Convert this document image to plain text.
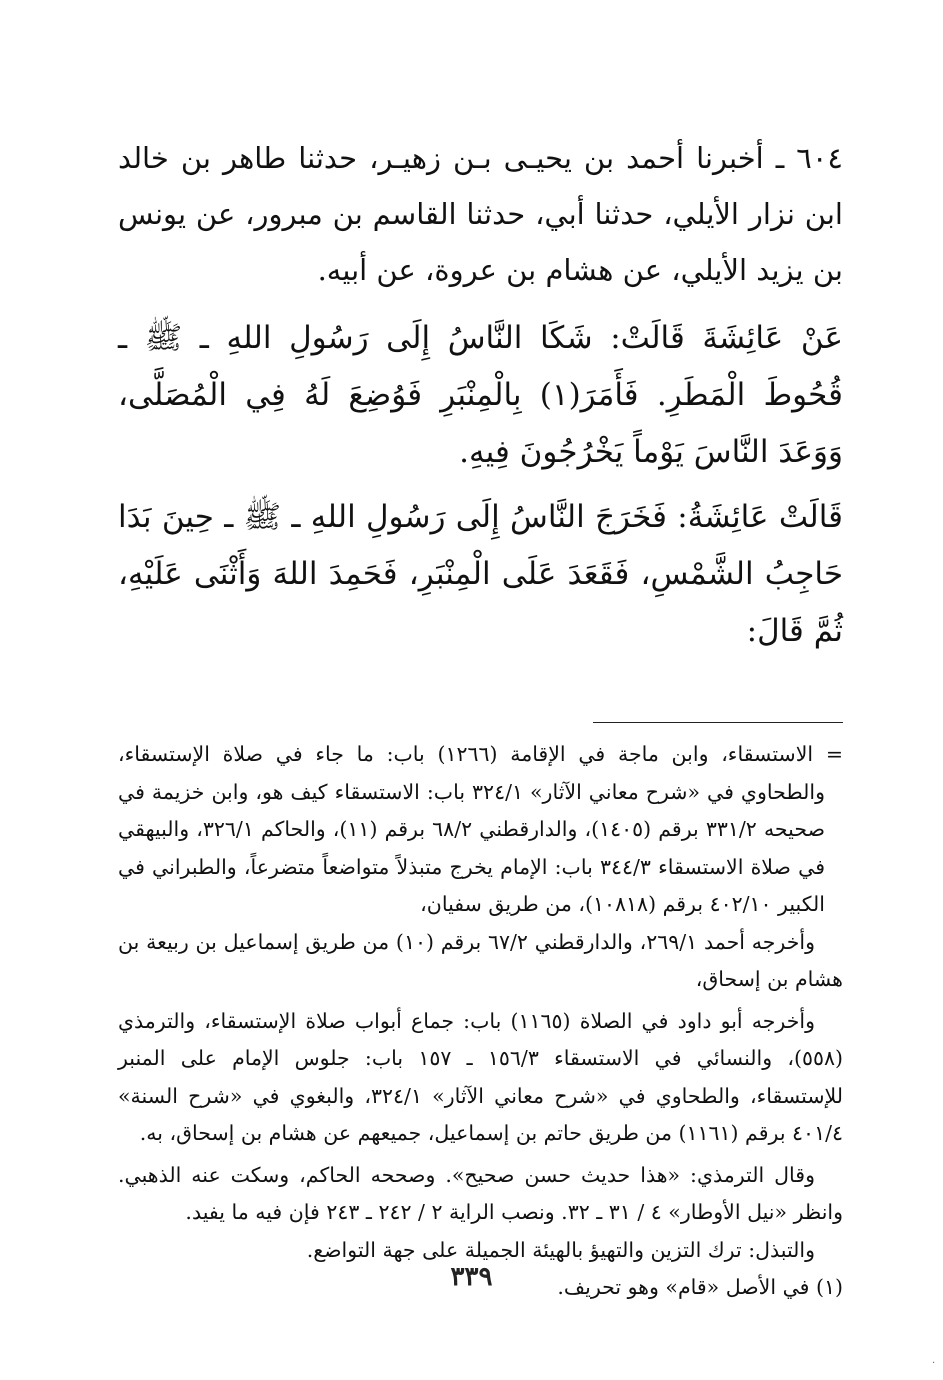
٦٠٤ ـ أخبرنا أحمد بن يحيـى بـن زهيـر، حدثنا طاهر بن خالد ابن نزار الأيلي، حدثنا أبي، حدثنا القاسم بن مبرور، عن يونس بن يزيد الأيلي، عن هشام بن عروة، عن أبيه.

عَنْ عَائِشَةَ قَالَتْ: شَكَا النَّاسُ إِلَى رَسُولِ اللهِ ـ ﷺ ـ قُحُوطَ الْمَطَرِ. فَأَمَرَ(١) بِالْمِنْبَرِ فَوُضِعَ لَهُ فِي الْمُصَلَّى، وَوَعَدَ النَّاسَ يَوْماً يَخْرُجُونَ فِيهِ.

قَالَتْ عَائِشَةُ: فَخَرَجَ النَّاسُ إِلَى رَسُولِ اللهِ ـ ﷺ ـ حِينَ بَدَا حَاجِبُ الشَّمْسِ، فَقَعَدَ عَلَى الْمِنْبَرِ، فَحَمِدَ اللهَ وَأَثْنَى عَلَيْهِ، ثُمَّ قَالَ:

= الاستسقاء، وابن ماجة في الإقامة (١٢٦٦) باب: ما جاء في صلاة الإستسقاء، والطحاوي في «شرح معاني الآثار» ٣٢٤/١ باب: الاستسقاء كيف هو، وابن خزيمة في صحيحه ٣٣١/٢ برقم (١٤٠٥)، والدارقطني ٦٨/٢ برقم (١١)، والحاكم ٣٢٦/١، والبيهقي في صلاة الاستسقاء ٣٤٤/٣ باب: الإمام يخرج متبذلاً متواضعاً متضرعاً، والطبراني في الكبير ٤٠٢/١٠ برقم (١٠٨١٨)، من طريق سفيان،

وأخرجه أحمد ٢٦٩/١، والدارقطني ٦٧/٢ برقم (١٠) من طريق إسماعيل بن ربيعة بن هشام بن إسحاق،

وأخرجه أبو داود في الصلاة (١١٦٥) باب: جماع أبواب صلاة الإستسقاء، والترمذي (٥٥٨)، والنسائي في الاستسقاء ١٥٦/٣ ـ ١٥٧ باب: جلوس الإمام على المنبر للإستسقاء، والطحاوي في «شرح معاني الآثار» ٣٢٤/١، والبغوي في «شرح السنة» ٤٠١/٤ برقم (١١٦١) من طريق حاتم بن إسماعيل، جميعهم عن هشام بن إسحاق، به.

وقال الترمذي: «هذا حديث حسن صحيح». وصححه الحاكم، وسكت عنه الذهبي. وانظر «نيل الأوطار» ٤ / ٣١ ـ ٣٢. ونصب الراية ٢ / ٢٤٢ ـ ٢٤٣ فإن فيه ما يفيد.

والتبذل: ترك التزين والتهيؤ بالهيئة الجميلة على جهة التواضع.

(١) في الأصل «قام» وهو تحريف.

٣٣٩
·
